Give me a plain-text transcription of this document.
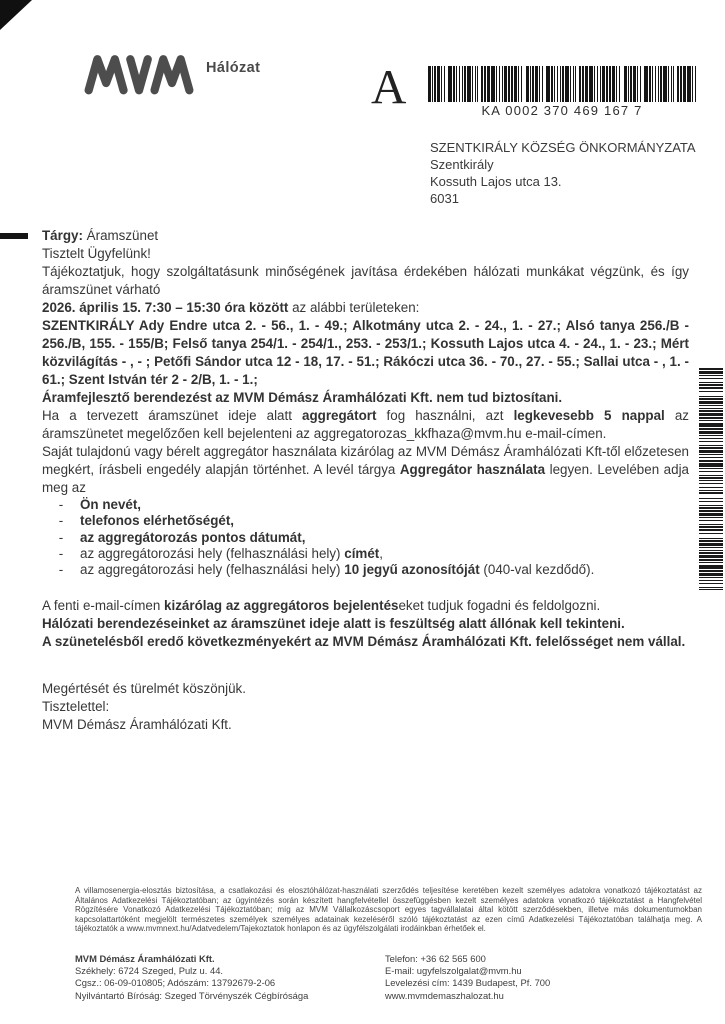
Hálózat A	KA 0002 370 469 167 7
SZENTKIRÁLY KÖZSÉG ÖNKORMÁNYZATA
Szentkirály
Kossuth Lajos utca 13.
6031

Tárgy: Áramszünet

Tisztelt Ügyfelünk!

Tájékoztatjuk, hogy szolgáltatásunk minőségének javítása érdekében hálózati munkákat végzünk, és így áramszünet várható

2026. április 15. 7:30 – 15:30 óra között az alábbi területeken:

SZENTKIRÁLY Ady Endre utca 2. - 56., 1. - 49.; Alkotmány utca 2. - 24., 1. - 27.; Alsó tanya 256./B - 256./B, 155. - 155/B; Felső tanya 254/1. - 254/1., 253. - 253/1.; Kossuth Lajos utca 4. - 24., 1. - 23.; Mért közvilágítás - , - ; Petőfi Sándor utca 12 - 18, 17. - 51.; Rákóczi utca 36. - 70., 27. - 55.; Sallai utca - , 1. - 61.; Szent István tér 2 - 2/B, 1. - 1.;

Áramfejlesztő berendezést az MVM Démász Áramhálózati Kft. nem tud biztosítani.

Ha a tervezett áramszünet ideje alatt aggregátort fog használni, azt legkevesebb 5 nappal az áramszünetet megelőzően kell bejelenteni az aggregatorozas_kkfhaza@mvm.hu e-mail-címen.

Saját tulajdonú vagy bérelt aggregátor használata kizárólag az MVM Démász Áramhálózati Kft-től előzetesen megkért, írásbeli engedély alapján történhet. A levél tárgya Aggregátor használata legyen. Levelében adja meg az

-	Ön nevét,
-	telefonos elérhetőségét,
-	az aggregátorozás pontos dátumát,
-	az aggregátorozási hely (felhasználási hely) címét,
-	az aggregátorozási hely (felhasználási hely) 10 jegyű azonosítóját (040-val kezdődő).

A fenti e-mail-címen kizárólag az aggregátoros bejelentéseket tudjuk fogadni és feldolgozni.

Hálózati berendezéseinket az áramszünet ideje alatt is feszültség alatt állónak kell tekinteni.

A szünetelésből eredő következményekért az MVM Démász Áramhálózati Kft. felelősséget nem vállal.

Megértését és türelmét köszönjük.

Tisztelettel:

MVM Démász Áramhálózati Kft.

A villamosenergia-elosztás biztosítása, a csatlakozási és elosztóhálózat-használati szerződés teljesítése keretében kezelt személyes adatokra vonatkozó tájékoztatást az Általános Adatkezelési Tájékoztatóban; az ügyintézés során készített hangfelvétellel összefüggésben kezelt személyes adatokra vonatkozó tájékoztatást a Hangfelvétel Rögzítésére Vonatkozó Adatkezelési Tájékoztatóban; míg az MVM Vállalkozáscsoport egyes tagvállalatai által kötött szerződésekben, illetve más dokumentumokban kapcsolattartóként megjelölt természetes személyek személyes adatainak kezeléséről szóló tájékoztatást az ezen című Adatkezelési Tájékoztatóban találhatja meg. A tájékoztatók a www.mvmnext.hu/Adatvedelem/Tajekoztatok honlapon és az ügyfélszolgálati irodáinkban érhetőek el.
MVM Démász Áramhálózati Kft.
Székhely: 6724 Szeged, Pulz u. 44.
Cgsz.: 06-09-010805; Adószám: 13792679-2-06
Nyilvántartó Bíróság: Szeged Törvényszék Cégbírósága
Telefon: +36 62 565 600
E-mail: ugyfelszolgalat@mvm.hu
Levelezési cím: 1439 Budapest, Pf. 700
www.mvmdemaszhalozat.hu
